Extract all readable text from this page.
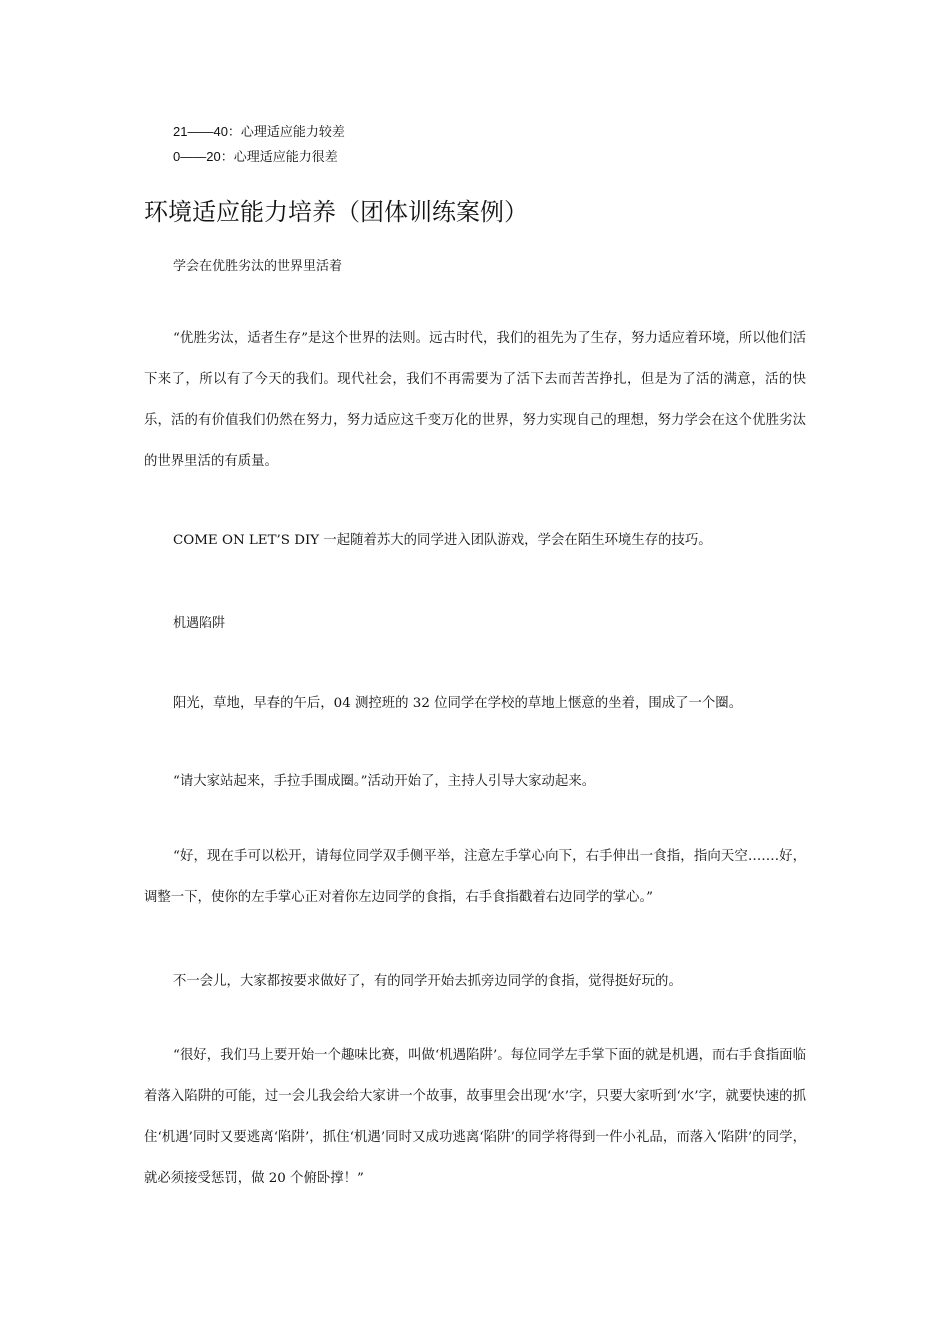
21——40：心理适应能力较差
0——20：心理适应能力很差
环境适应能力培养（团体训练案例）
学会在优胜劣汰的世界里活着

“优胜劣汰，适者生存”是这个世界的法则。远古时代，我们的祖先为了生存，努力适应着环境，所以他们活下来了，所以有了今天的我们。现代社会，我们不再需要为了活下去而苦苦挣扎，但是为了活的满意，活的快乐，活的有价值我们仍然在努力，努力适应这千变万化的世界，努力实现自己的理想，努力学会在这个优胜劣汰的世界里活的有质量。

COME ON LET’S DIY 一起随着苏大的同学进入团队游戏，学会在陌生环境生存的技巧。
机遇陷阱
阳光，草地，早春的午后，04 测控班的 32 位同学在学校的草地上惬意的坐着，围成了一个圈。
“请大家站起来，手拉手围成圈。”活动开始了，主持人引导大家动起来。

“好，现在手可以松开，请每位同学双手侧平举，注意左手掌心向下，右手伸出一食指，指向天空…….好，调整一下，使你的左手掌心正对着你左边同学的食指，右手食指戳着右边同学的掌心。”

不一会儿，大家都按要求做好了，有的同学开始去抓旁边同学的食指，觉得挺好玩的。

“很好，我们马上要开始一个趣味比赛，叫做‘机遇陷阱’。每位同学左手掌下面的就是机遇，而右手食指面临着落入陷阱的可能，过一会儿我会给大家讲一个故事，故事里会出现‘水’字，只要大家听到‘水’字，就要快速的抓住‘机遇’同时又要逃离‘陷阱’，抓住‘机遇’同时又成功逃离‘陷阱’的同学将得到一件小礼品，而落入‘陷阱’的同学，就必须接受惩罚，做 20 个俯卧撑！”
